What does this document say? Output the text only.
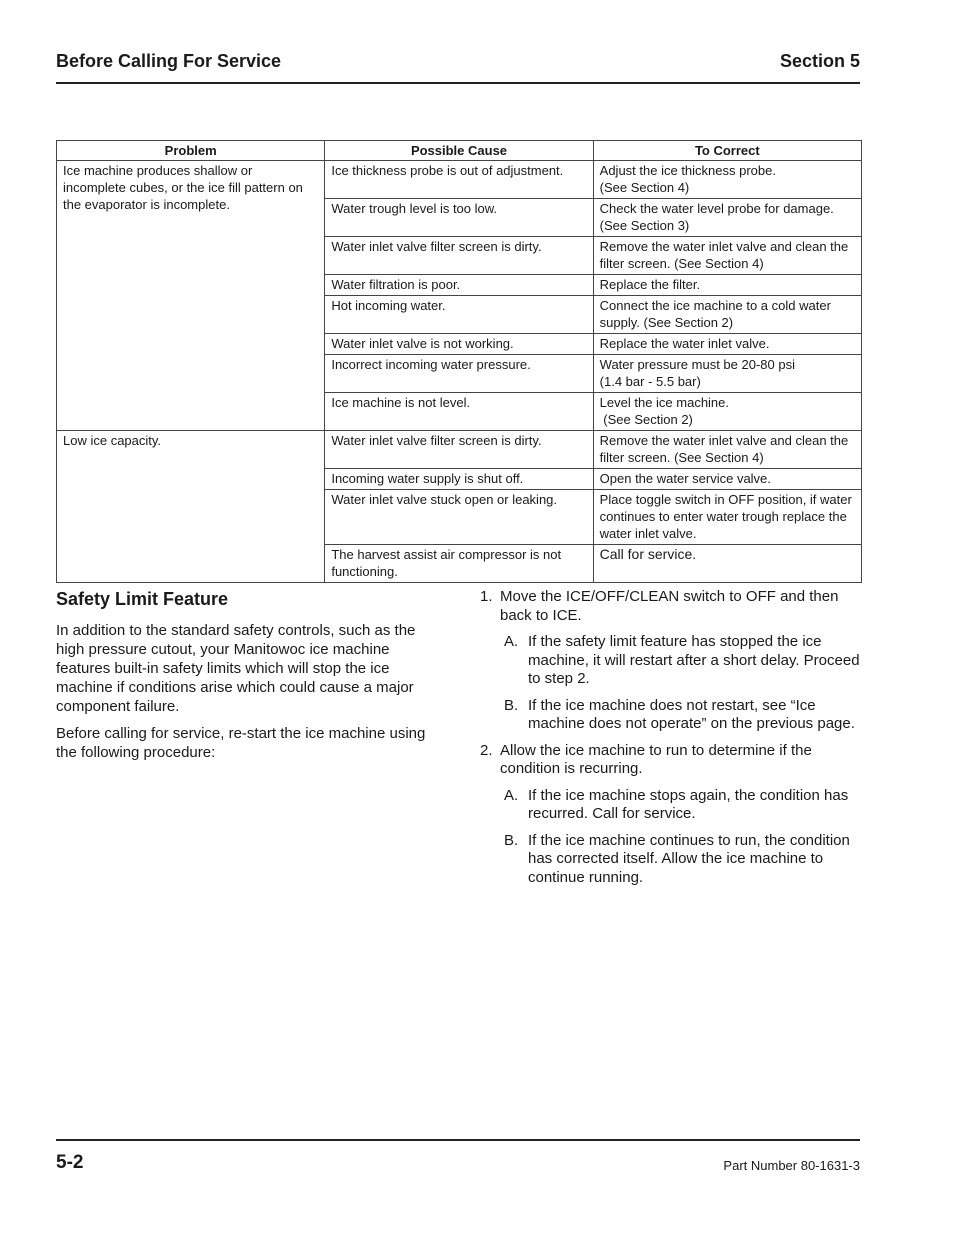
Before Calling For Service	Section 5
Problem	Possible Cause	To Correct
Ice machine produces shallow or incomplete cubes, or the ice fill pattern on the evaporator is incomplete.	Ice thickness probe is out of adjustment.	Adjust the ice thickness probe.
(See Section 4)
	Water trough level is too low.	Check the water level probe for damage. (See Section 3)
	Water inlet valve filter screen is dirty.	Remove the water inlet valve and clean the filter screen. (See Section 4)
	Water filtration is poor.	Replace the filter.
	Hot incoming water.	Connect the ice machine to a cold water supply. (See Section 2)
	Water inlet valve is not working.	Replace the water inlet valve.
	Incorrect incoming water pressure.	Water pressure must be 20-80 psi
(1.4 bar - 5.5 bar)
	Ice machine is not level.	Level the ice machine.
(See Section 2)
Low ice capacity.	Water inlet valve filter screen is dirty.	Remove the water inlet valve and clean the filter screen. (See Section 4)
	Incoming water supply is shut off.	Open the water service valve.
	Water inlet valve stuck open or leaking.	Place toggle switch in OFF position, if water continues to enter water trough replace the water inlet valve.
	The harvest assist air compressor is not functioning.	Call for service.
Safety Limit Feature

In addition to the standard safety controls, such as the high pressure cutout, your Manitowoc ice machine features built-in safety limits which will stop the ice machine if conditions arise which could cause a major component failure.

Before calling for service, re-start the ice machine using the following procedure:

1. Move the ICE/OFF/CLEAN switch to OFF and then back to ICE.
A. If the safety limit feature has stopped the ice machine, it will restart after a short delay. Proceed to step 2.
B. If the ice machine does not restart, see “Ice machine does not operate” on the previous page.
2. Allow the ice machine to run to determine if the condition is recurring.
A. If the ice machine stops again, the condition has recurred. Call for service.
B. If the ice machine continues to run, the condition has corrected itself. Allow the ice machine to continue running.
5-2	Part Number 80-1631-3
